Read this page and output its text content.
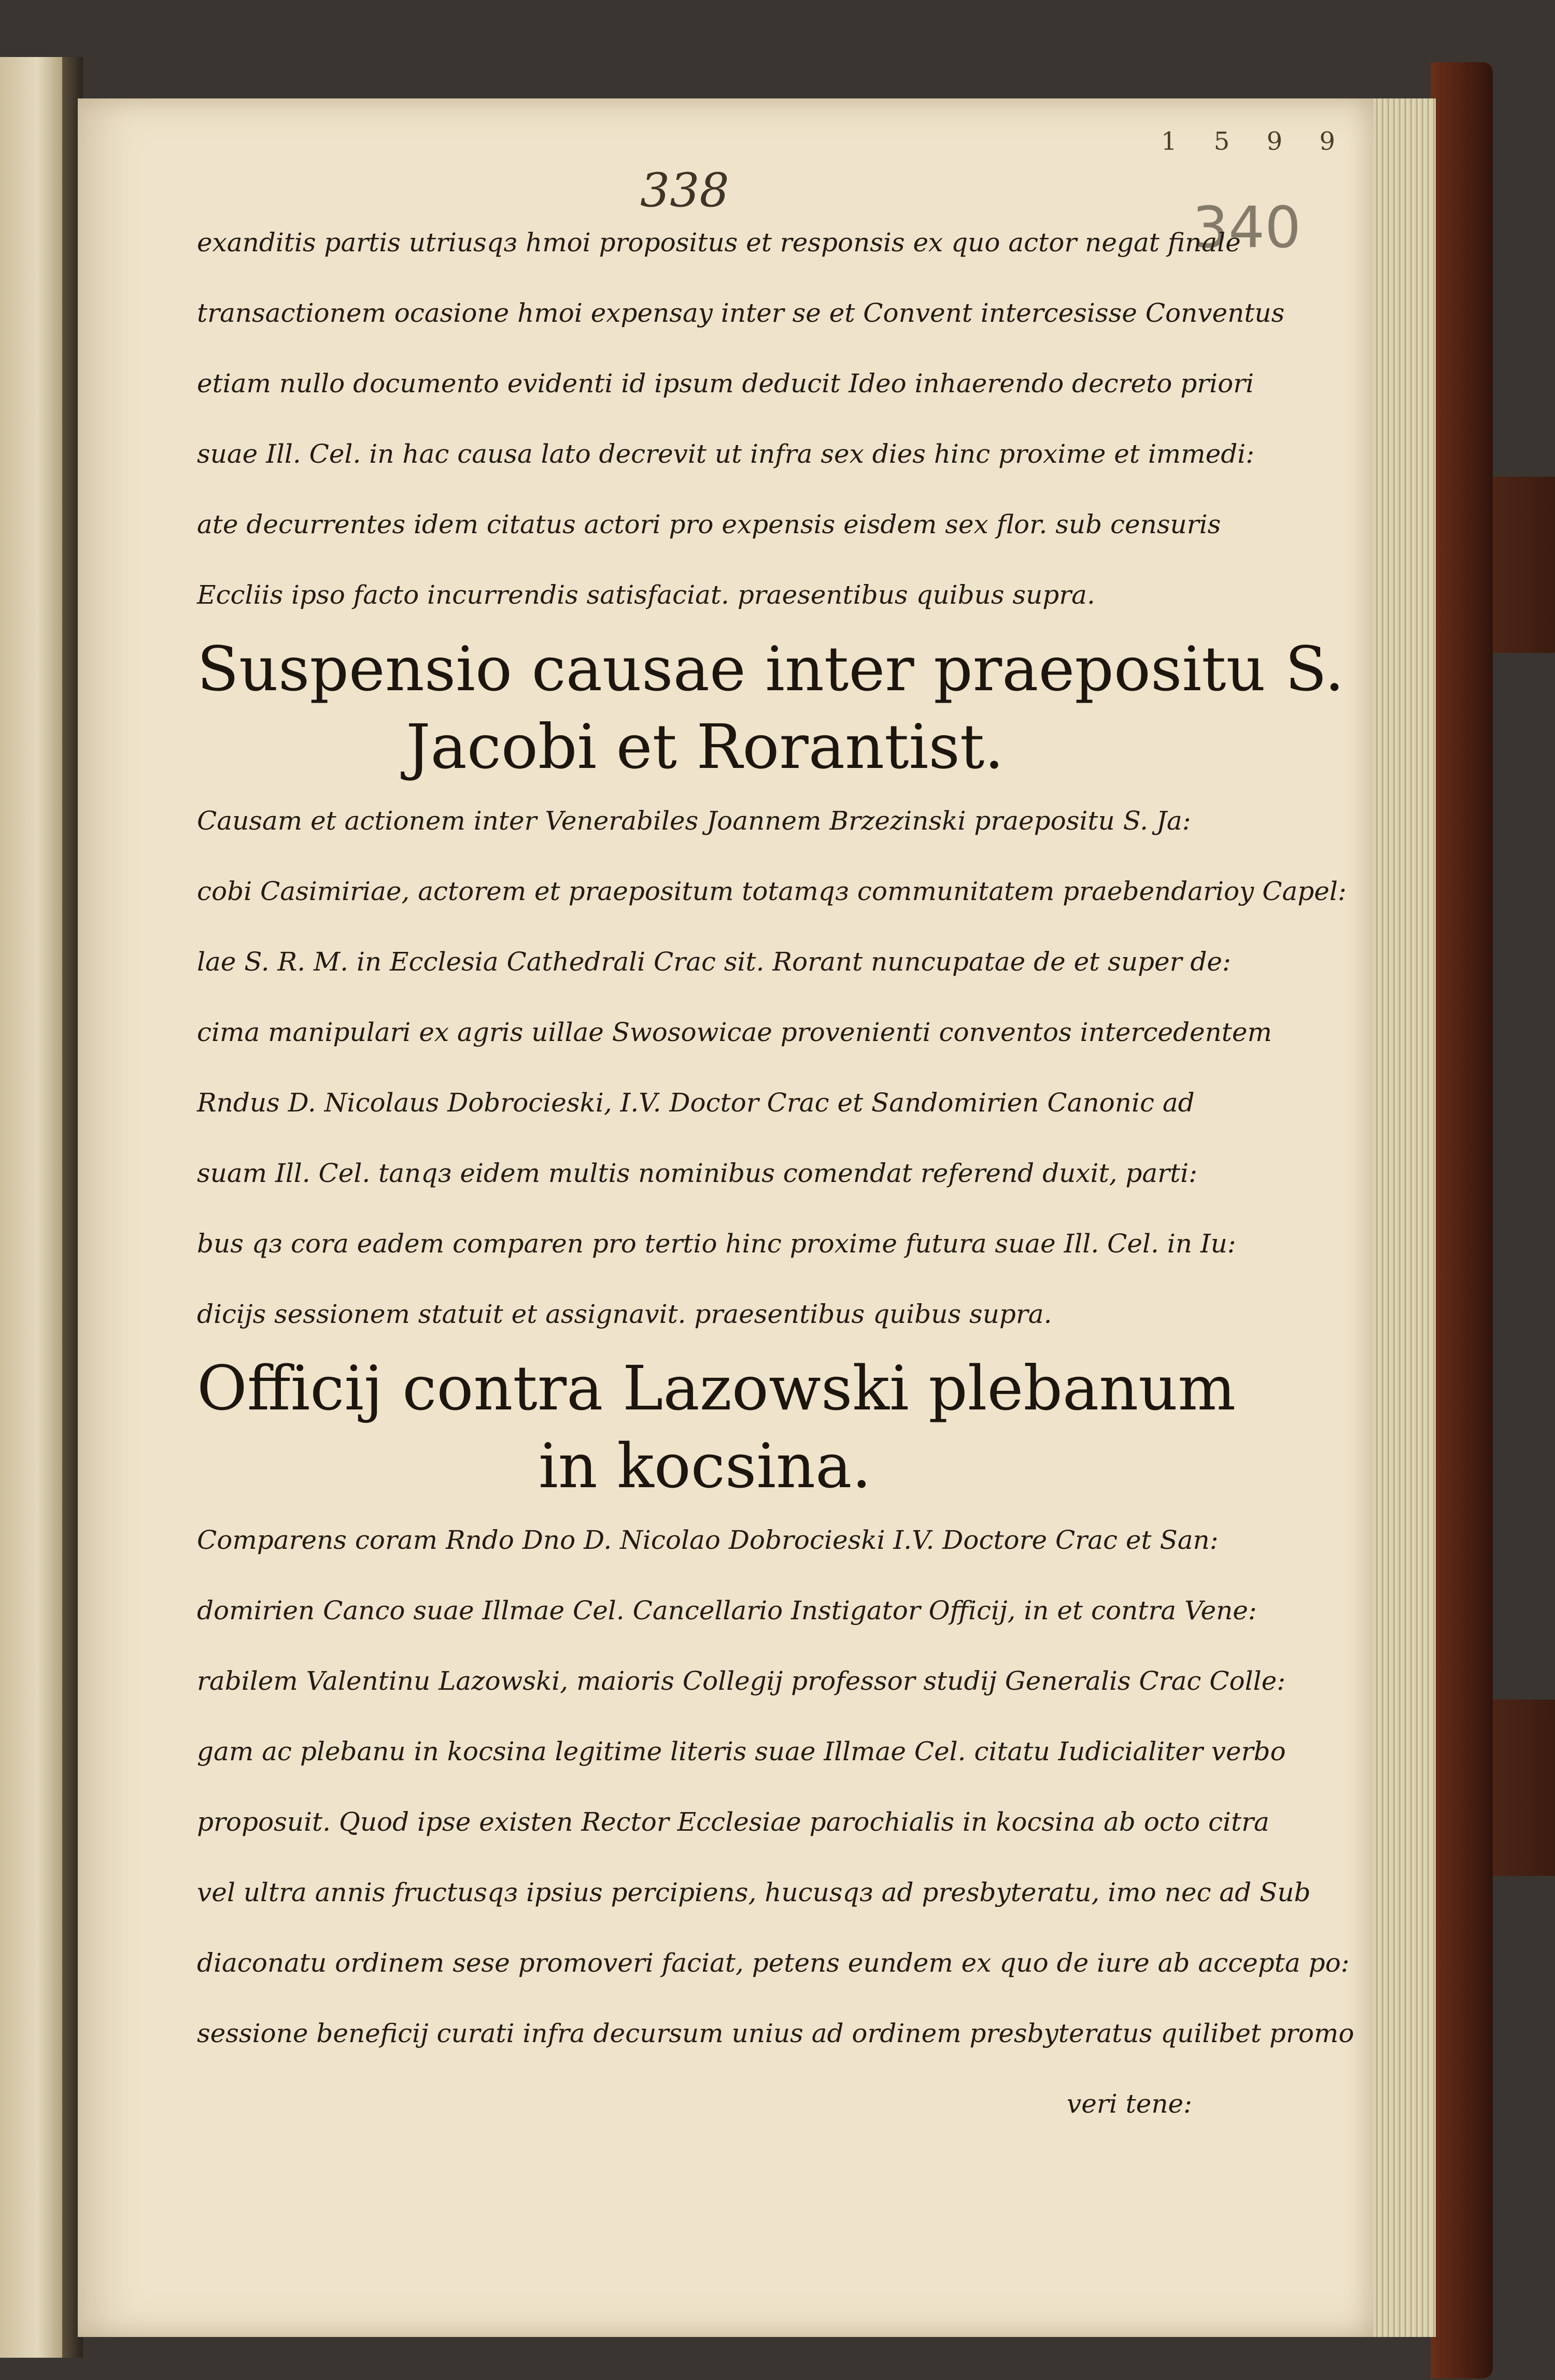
1 5 9 9
340
338
exanditis partis utriusqз hmoi propositus et responsis ex quo actor negat finale
transactionem ocasione hmoi expensay inter se et Convent intercesisse Conventus
etiam nullo documento evidenti id ipsum deducit Ideo inhaerendo decreto priori
suae Ill. Cel. in hac causa lato decrevit ut infra sex dies hinc proxime et immedi:
ate decurrentes idem citatus actori pro expensis eisdem sex flor. sub censuris
Eccliis ipso facto incurrendis satisfaciat. praesentibus quibus supra.
Suspensio causae inter praepositu S.
Jacobi et Rorantist.
Causam et actionem inter Venerabiles Joannem Brzezinski praepositu S. Ja:
cobi Casimiriae, actorem et praepositum totamqз communitatem praebendarioy Capel:
lae S. R. M. in Ecclesia Cathedrali Crac sit. Rorant nuncupatae de et super de:
cima manipulari ex agris uillae Swosowicae provenienti conventos intercedentem
Rndus D. Nicolaus Dobrocieski, I.V. Doctor Crac et Sandomirien Canonic ad
suam Ill. Cel. tanqз eidem multis nominibus comendat referend duxit, parti:
bus qз cora eadem comparen pro tertio hinc proxime futura suae Ill. Cel. in Iu:
dicijs sessionem statuit et assignavit. praesentibus quibus supra.
Officij contra Lazowski plebanum
in kocsina.
Comparens coram Rndo Dno D. Nicolao Dobrocieski I.V. Doctore Crac et San:
domirien Canco suae Illmae Cel. Cancellario Instigator Officij, in et contra Vene:
rabilem Valentinu Lazowski, maioris Collegij professor studij Generalis Crac Colle:
gam ac plebanu in kocsina legitime literis suae Illmae Cel. citatu Iudicialiter verbo
proposuit. Quod ipse existen Rector Ecclesiae parochialis in kocsina ab octo citra
vel ultra annis fructusqз ipsius percipiens, hucusqз ad presbyteratu, imo nec ad Sub
diaconatu ordinem sese promoveri faciat, petens eundem ex quo de iure ab accepta po:
sessione beneficij curati infra decursum unius ad ordinem presbyteratus quilibet promo
veri tene:
